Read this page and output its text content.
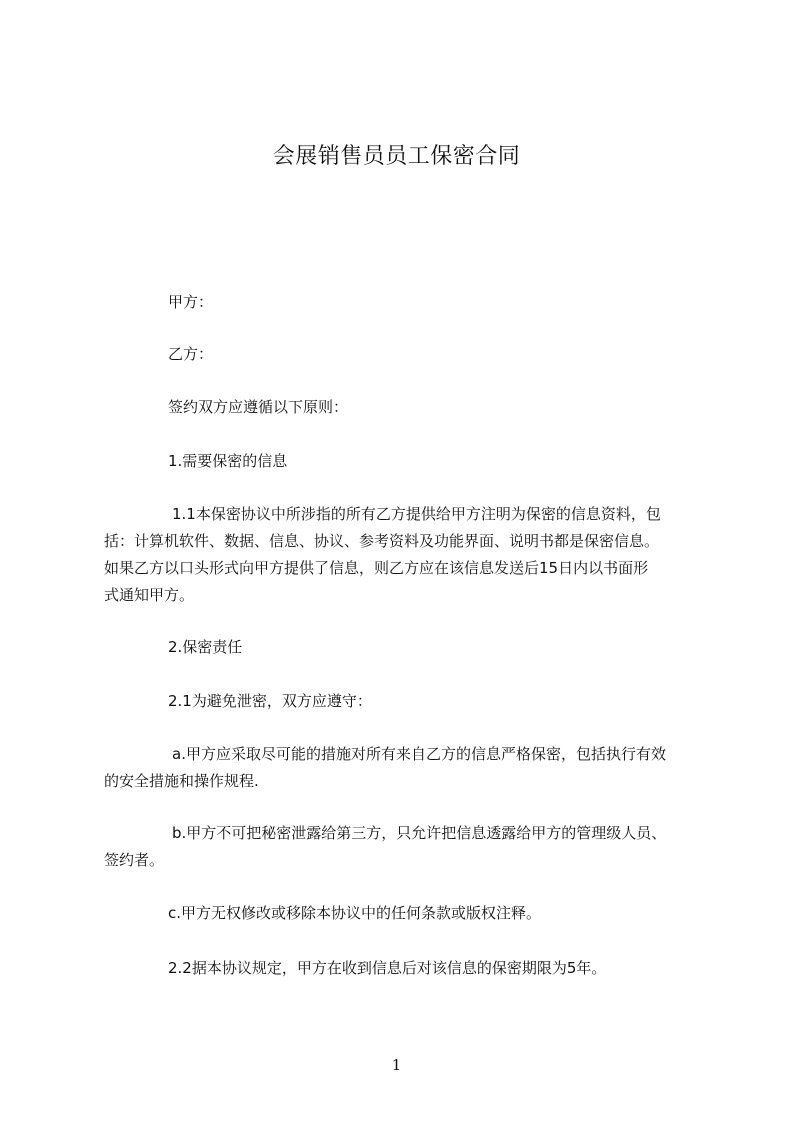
会展销售员员工保密合同

甲方：

乙方：

签约双方应遵循以下原则：

1.需要保密的信息

1.1本保密协议中所涉指的所有乙方提供给甲方注明为保密的信息资料，包
括：计算机软件、数据、信息、协议、参考资料及功能界面、说明书都是保密信息。
如果乙方以口头形式向甲方提供了信息，则乙方应在该信息发送后15日内以书面形
式通知甲方。

2.保密责任

2.1为避免泄密，双方应遵守：

a.甲方应采取尽可能的措施对所有来自乙方的信息严格保密，包括执行有效
的安全措施和操作规程.
b.甲方不可把秘密泄露给第三方，只允许把信息透露给甲方的管理级人员、
签约者。

c.甲方无权修改或移除本协议中的任何条款或版权注释。

2.2据本协议规定，甲方在收到信息后对该信息的保密期限为5年。

1
